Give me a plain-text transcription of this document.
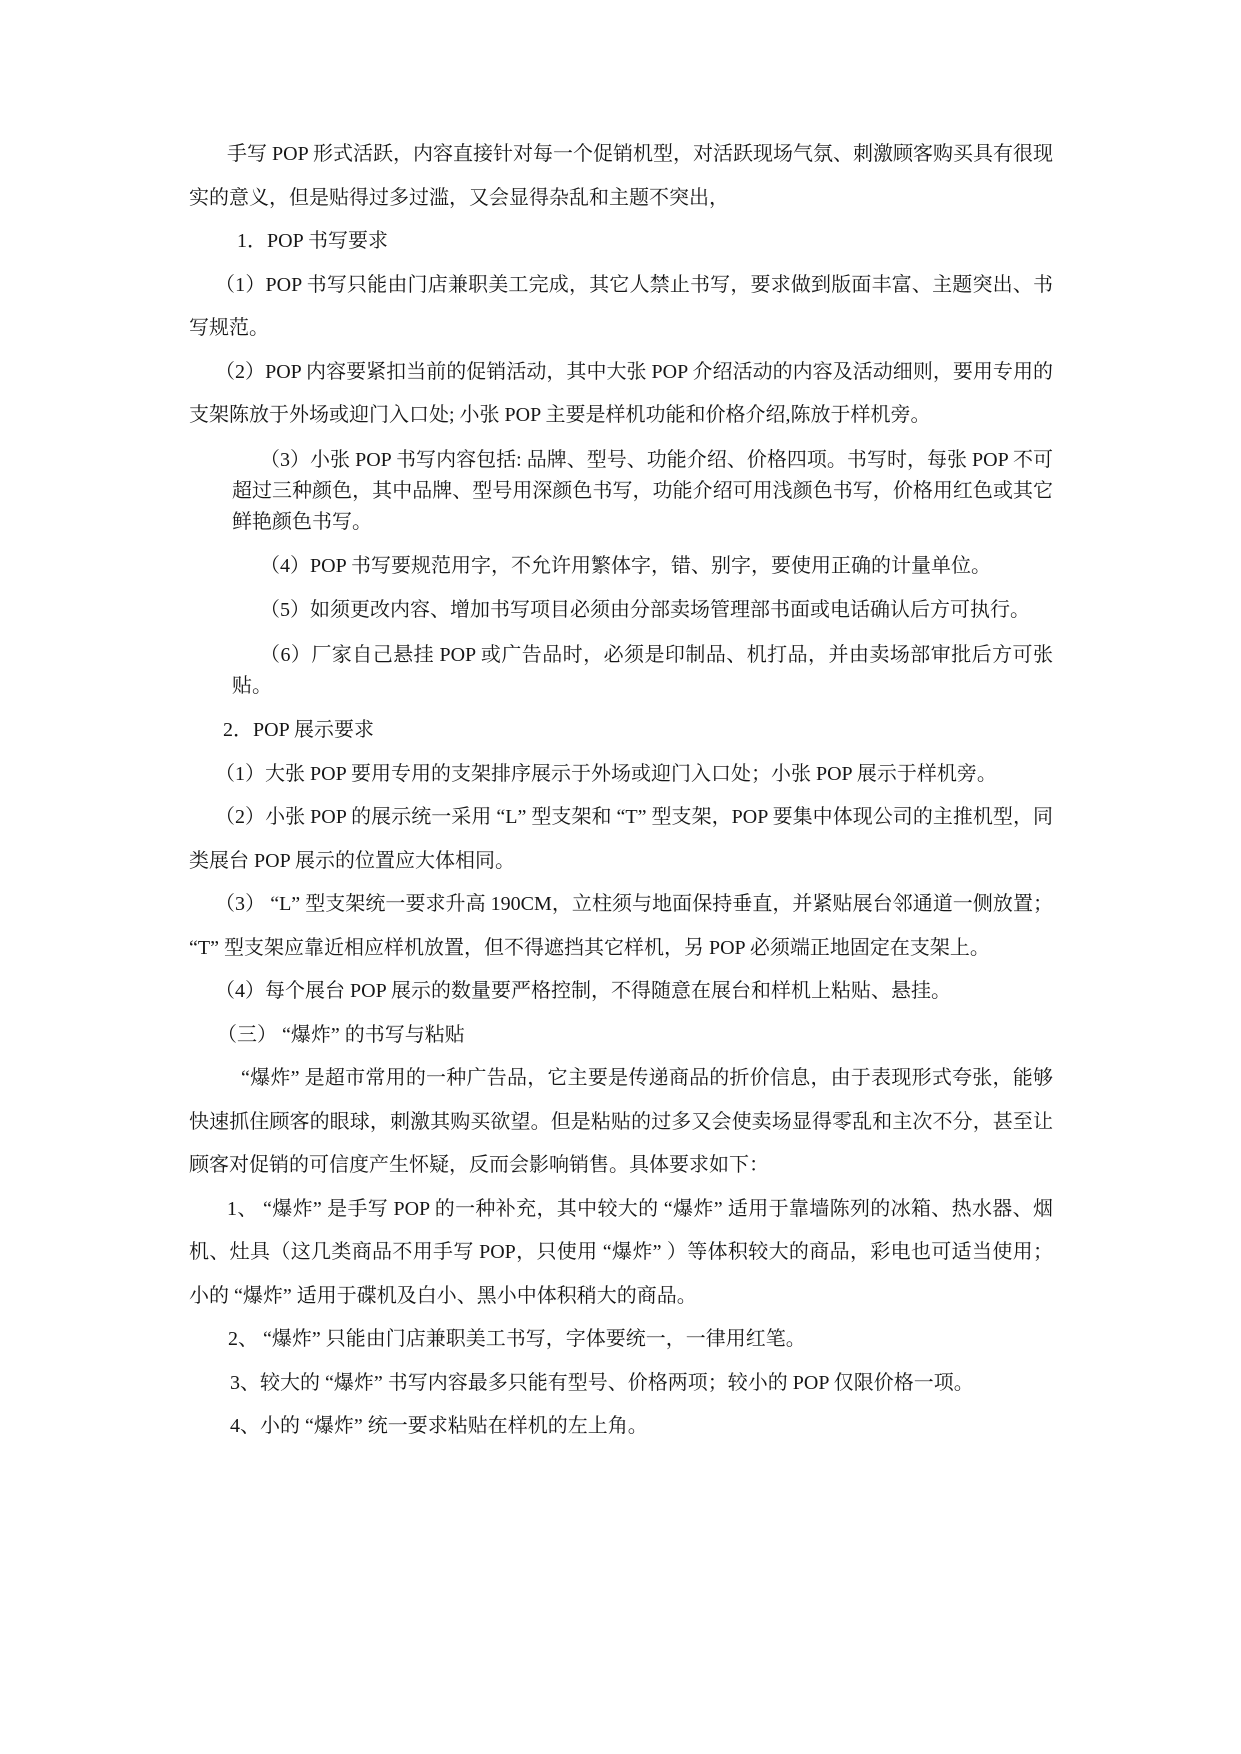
手写 POP 形式活跃，内容直接针对每一个促销机型，对活跃现场气氛、刺激顾客购买具有很现实的意义，但是贴得过多过滥，又会显得杂乱和主题不突出，

1．POP 书写要求

（1）POP 书写只能由门店兼职美工完成，其它人禁止书写，要求做到版面丰富、主题突出、书写规范。

（2）POP 内容要紧扣当前的促销活动，其中大张 POP 介绍活动的内容及活动细则，要用专用的支架陈放于外场或迎门入口处; 小张 POP 主要是样机功能和价格介绍,陈放于样机旁。

（3）小张 POP 书写内容包括: 品牌、型号、功能介绍、价格四项。书写时，每张 POP 不可超过三种颜色，其中品牌、型号用深颜色书写，功能介绍可用浅颜色书写，价格用红色或其它鲜艳颜色书写。

（4）POP 书写要规范用字，不允许用繁体字，错、别字，要使用正确的计量单位。

（5）如须更改内容、增加书写项目必须由分部卖场管理部书面或电话确认后方可执行。

（6）厂家自己悬挂 POP 或广告品时，必须是印制品、机打品，并由卖场部审批后方可张贴。

2．POP 展示要求

（1）大张 POP 要用专用的支架排序展示于外场或迎门入口处；小张 POP 展示于样机旁。

（2）小张 POP 的展示统一采用 “L” 型支架和 “T” 型支架，POP 要集中体现公司的主推机型，同类展台 POP 展示的位置应大体相同。

（3） “L” 型支架统一要求升高 190CM，立柱须与地面保持垂直，并紧贴展台邻通道一侧放置； “T” 型支架应靠近相应样机放置，但不得遮挡其它样机，另 POP 必须端正地固定在支架上。

（4）每个展台 POP 展示的数量要严格控制，不得随意在展台和样机上粘贴、悬挂。

（三） “爆炸” 的书写与粘贴

“爆炸” 是超市常用的一种广告品，它主要是传递商品的折价信息，由于表现形式夸张，能够快速抓住顾客的眼球，刺激其购买欲望。但是粘贴的过多又会使卖场显得零乱和主次不分，甚至让顾客对促销的可信度产生怀疑，反而会影响销售。具体要求如下：

1、 “爆炸” 是手写 POP 的一种补充，其中较大的 “爆炸” 适用于靠墙陈列的冰箱、热水器、烟机、灶具（这几类商品不用手写 POP，只使用 “爆炸” ）等体积较大的商品，彩电也可适当使用；小的 “爆炸” 适用于碟机及白小、黑小中体积稍大的商品。

2、 “爆炸” 只能由门店兼职美工书写，字体要统一，一律用红笔。

3、较大的 “爆炸” 书写内容最多只能有型号、价格两项；较小的 POP 仅限价格一项。

4、小的 “爆炸” 统一要求粘贴在样机的左上角。
